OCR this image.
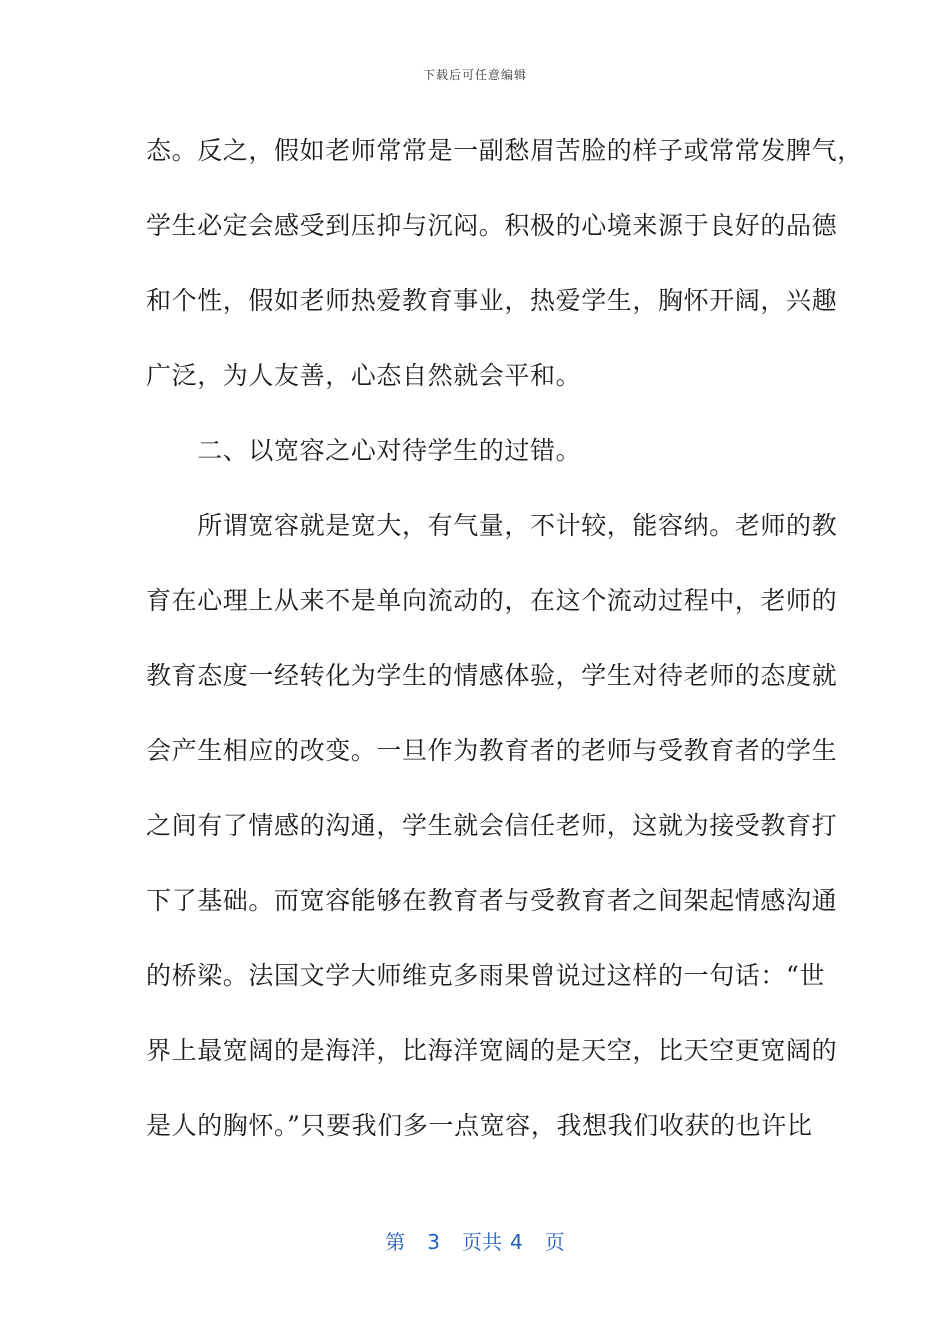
下载后可任意编辑
态。反之，假如老师常常是一副愁眉苦脸的样子或常常发脾气，
学生必定会感受到压抑与沉闷。积极的心境来源于良好的品德
和个性，假如老师热爱教育事业，热爱学生，胸怀开阔，兴趣
广泛，为人友善，心态自然就会平和。
　　二、以宽容之心对待学生的过错。
　　所谓宽容就是宽大，有气量，不计较，能容纳。老师的教
育在心理上从来不是单向流动的，在这个流动过程中，老师的
教育态度一经转化为学生的情感体验，学生对待老师的态度就
会产生相应的改变。一旦作为教育者的老师与受教育者的学生
之间有了情感的沟通，学生就会信任老师，这就为接受教育打
下了基础。而宽容能够在教育者与受教育者之间架起情感沟通
的桥梁。法国文学大师维克多雨果曾说过这样的一句话：“世
界上最宽阔的是海洋，比海洋宽阔的是天空，比天空更宽阔的
是人的胸怀。”只要我们多一点宽容，我想我们收获的也许比
第 3 页共 4 页
